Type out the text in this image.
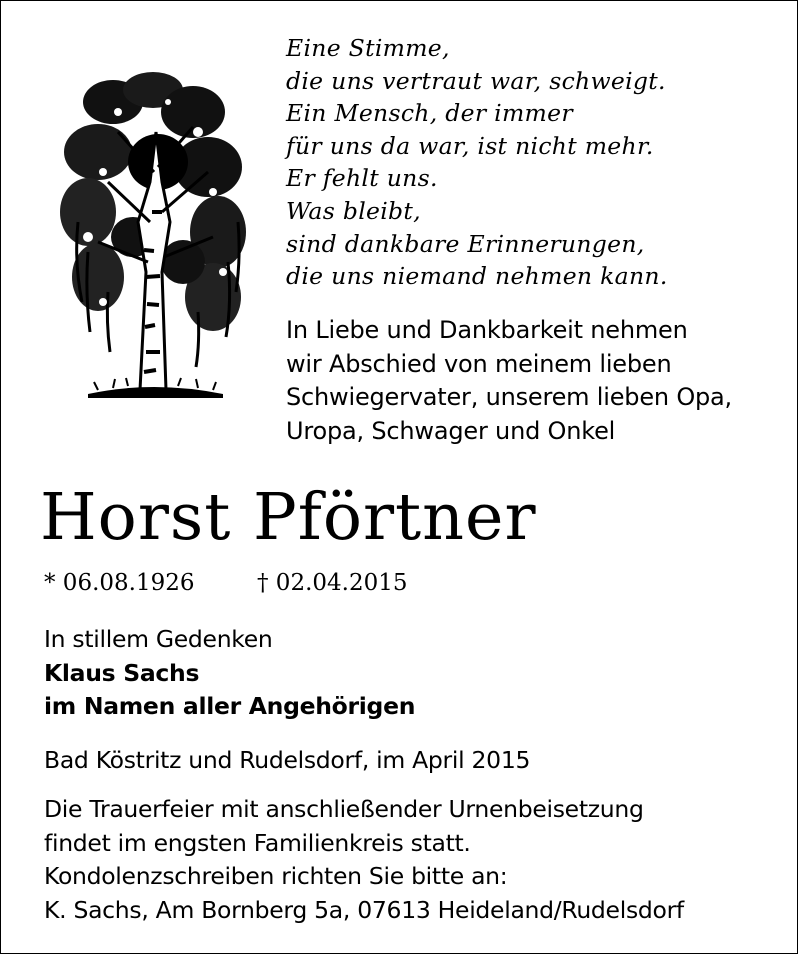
Eine Stimme,
die uns vertraut war, schweigt.
Ein Mensch, der immer
für uns da war, ist nicht mehr.
Er fehlt uns.
Was bleibt,
sind dankbare Erinnerungen,
die uns niemand nehmen kann.
In Liebe und Dankbarkeit nehmen
wir Abschied von meinem lieben
Schwiegervater, unserem lieben Opa,
Uropa, Schwager und Onkel
Horst Pförtner
* 06.08.1926	† 02.04.2015
In stillem Gedenken
Klaus Sachs
im Namen aller Angehörigen
Bad Köstritz und Rudelsdorf, im April 2015
Die Trauerfeier mit anschließender Urnenbeisetzung
findet im engsten Familienkreis statt.
Kondolenzschreiben richten Sie bitte an:
K. Sachs, Am Bornberg 5a, 07613 Heideland/Rudelsdorf
